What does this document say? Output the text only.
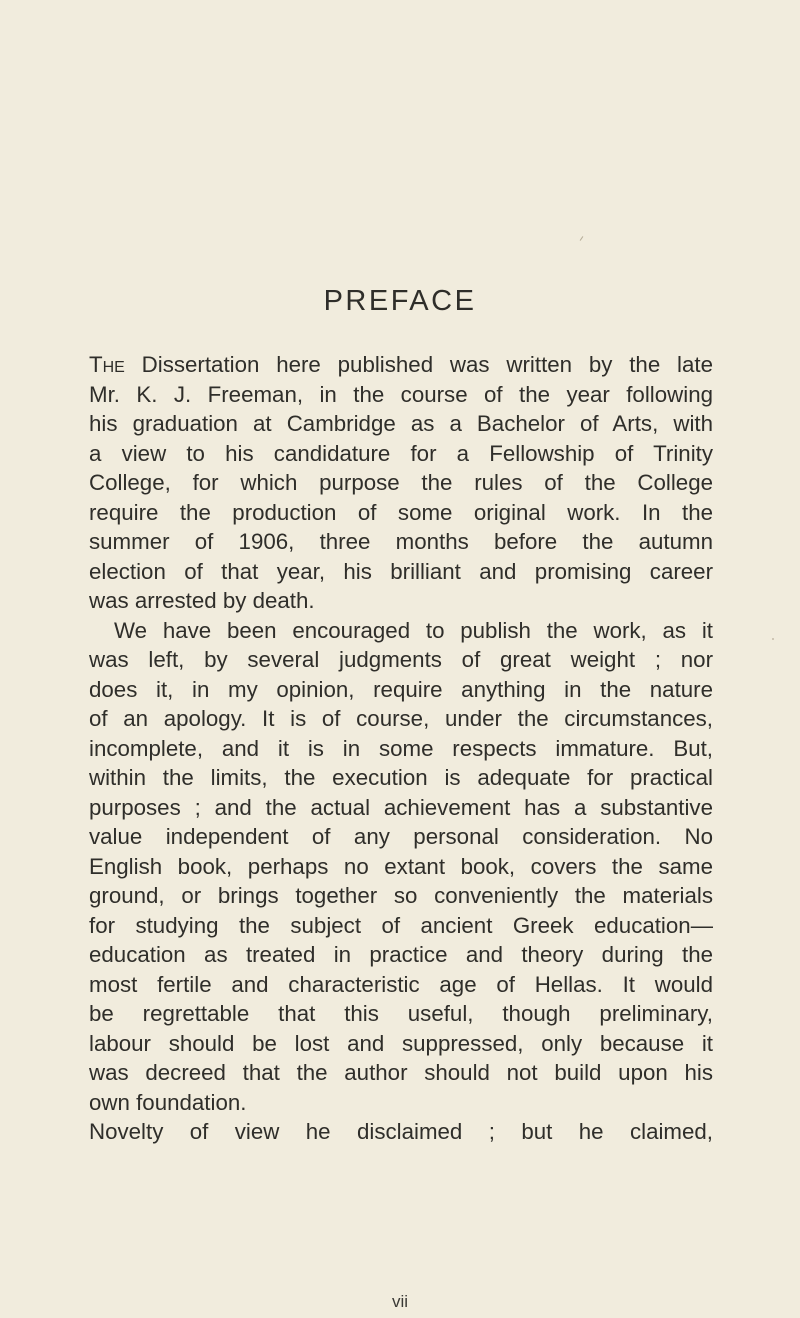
PREFACE
The Dissertation here published was written by the late
Mr. K. J. Freeman, in the course of the year following
his graduation at Cambridge as a Bachelor of Arts, with
a view to his candidature for a Fellowship of Trinity
College, for which purpose the rules of the College
require the production of some original work. In the
summer of 1906, three months before the autumn
election of that year, his brilliant and promising career
was arrested by death.
We have been encouraged to publish the work, as it
was left, by several judgments of great weight ; nor
does it, in my opinion, require anything in the nature
of an apology. It is of course, under the circumstances,
incomplete, and it is in some respects immature. But,
within the limits, the execution is adequate for practical
purposes ; and the actual achievement has a substantive
value independent of any personal consideration. No
English book, perhaps no extant book, covers the same
ground, or brings together so conveniently the materials
for studying the subject of ancient Greek education—
education as treated in practice and theory during the
most fertile and characteristic age of Hellas. It would
be regrettable that this useful, though preliminary,
labour should be lost and suppressed, only because it
was decreed that the author should not build upon his
own foundation.
Novelty of view he disclaimed ; but he claimed,
vii
